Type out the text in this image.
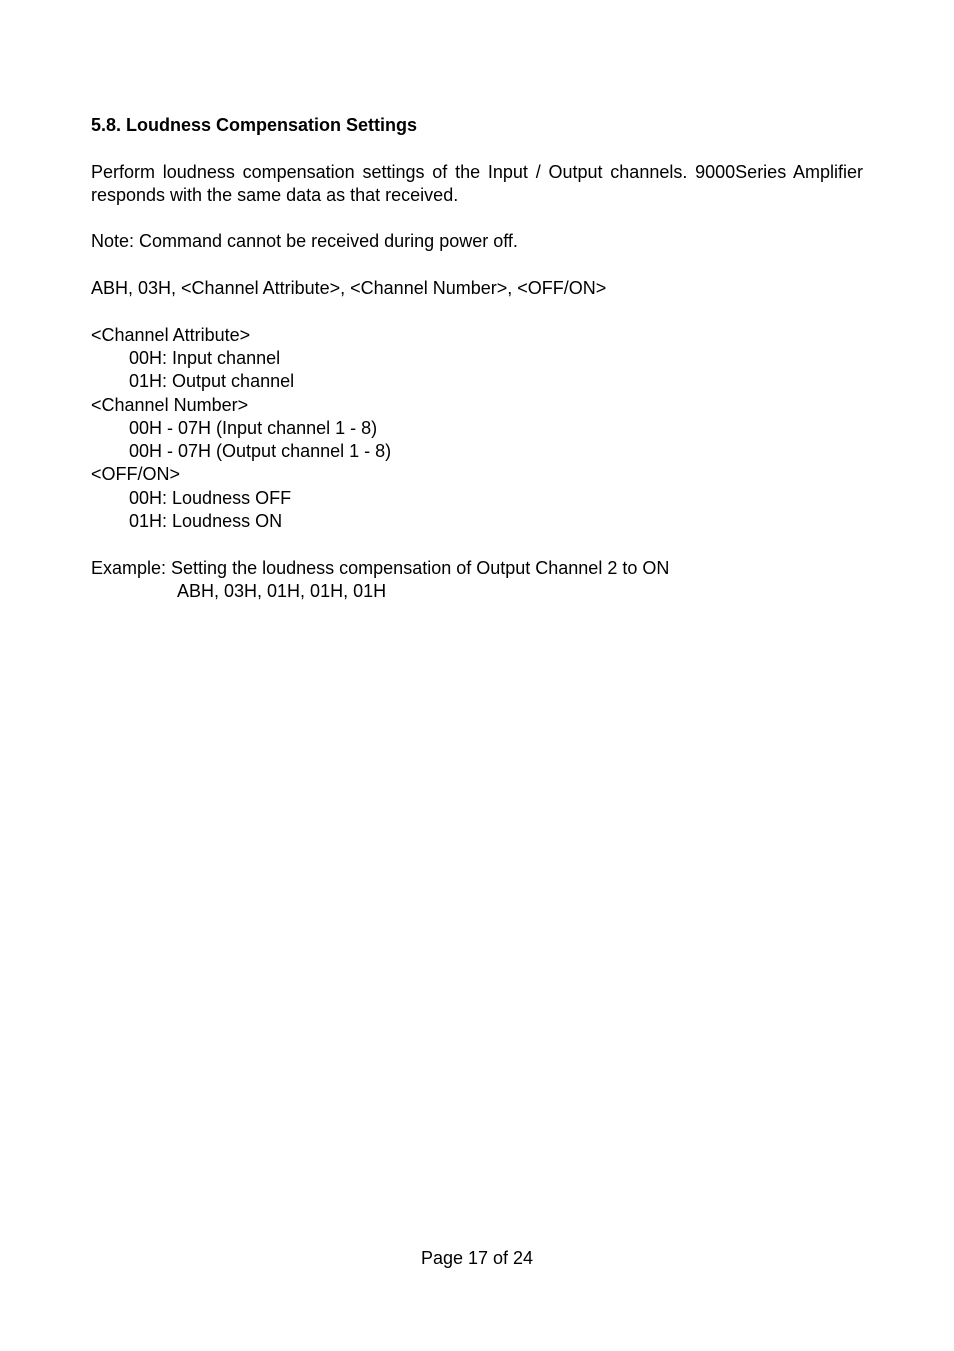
5.8. Loudness Compensation Settings

Perform loudness compensation settings of the Input / Output channels. 9000Series Amplifier responds with the same data as that received.

Note: Command cannot be received during power off.

ABH, 03H, <Channel Attribute>, <Channel Number>, <OFF/ON>

<Channel Attribute>
00H: Input channel
01H: Output channel
<Channel Number>
00H - 07H (Input channel 1 - 8)
00H - 07H (Output channel 1 - 8)
<OFF/ON>
00H: Loudness OFF
01H: Loudness ON
Example: Setting the loudness compensation of Output Channel 2 to ON
ABH, 03H, 01H, 01H, 01H
Page 17 of 24
